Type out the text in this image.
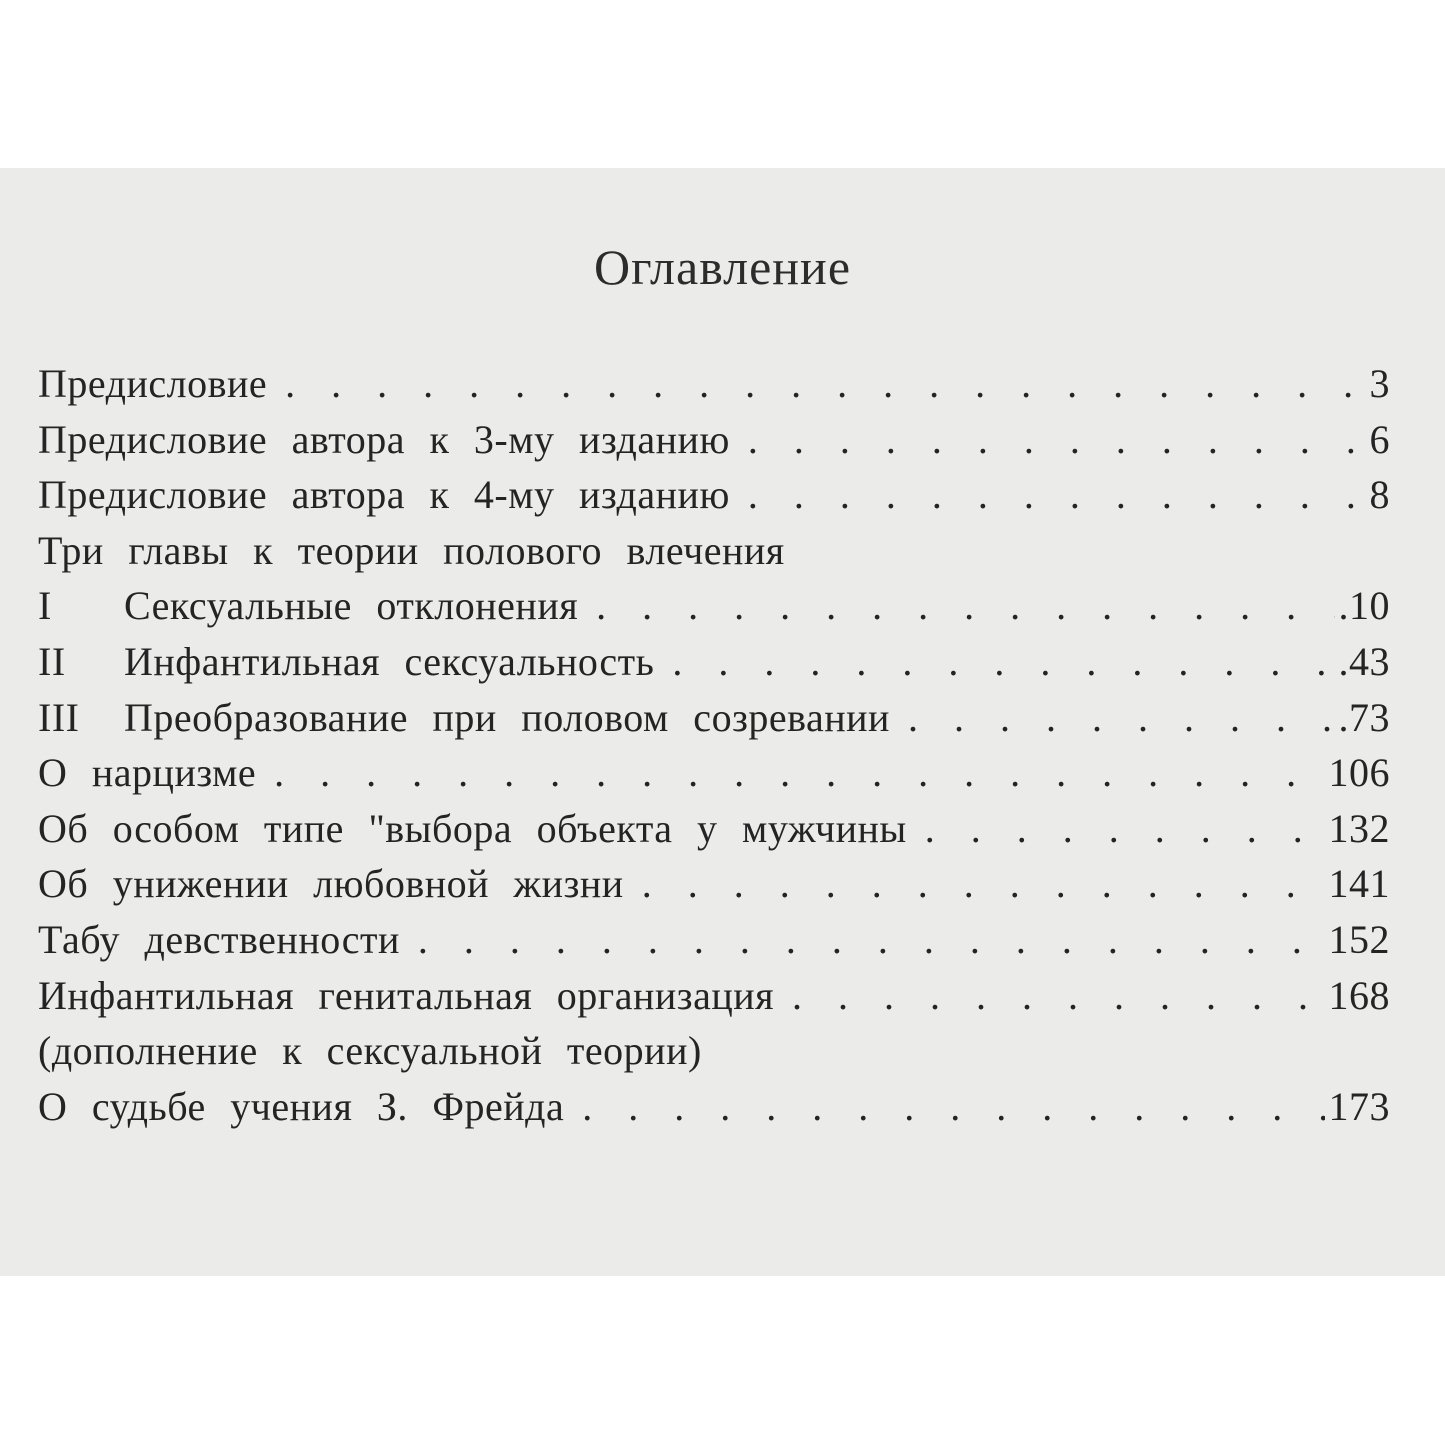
Оглавление
Предисловие . . .	3
Предисловие автора к 3-му изданию . . .	6
Предисловие автора к 4-му изданию . . .	8
Три главы к теории полового влечения
I	Сексуальные отклонения . . .	.10
II	Инфантильная сексуальность . . .	.43
III	Преобразование при половом созревании . . .	.73
О нарцизме . . .	106
Об особом типе "выбора объекта у мужчины . . .	132
Об унижении любовной жизни . . .	141
Табу девственности . . .	152
Инфантильная генитальная организация . . .	168
(дополнение к сексуальной теории)
О судьбе учения З. Фрейда . . .	173
